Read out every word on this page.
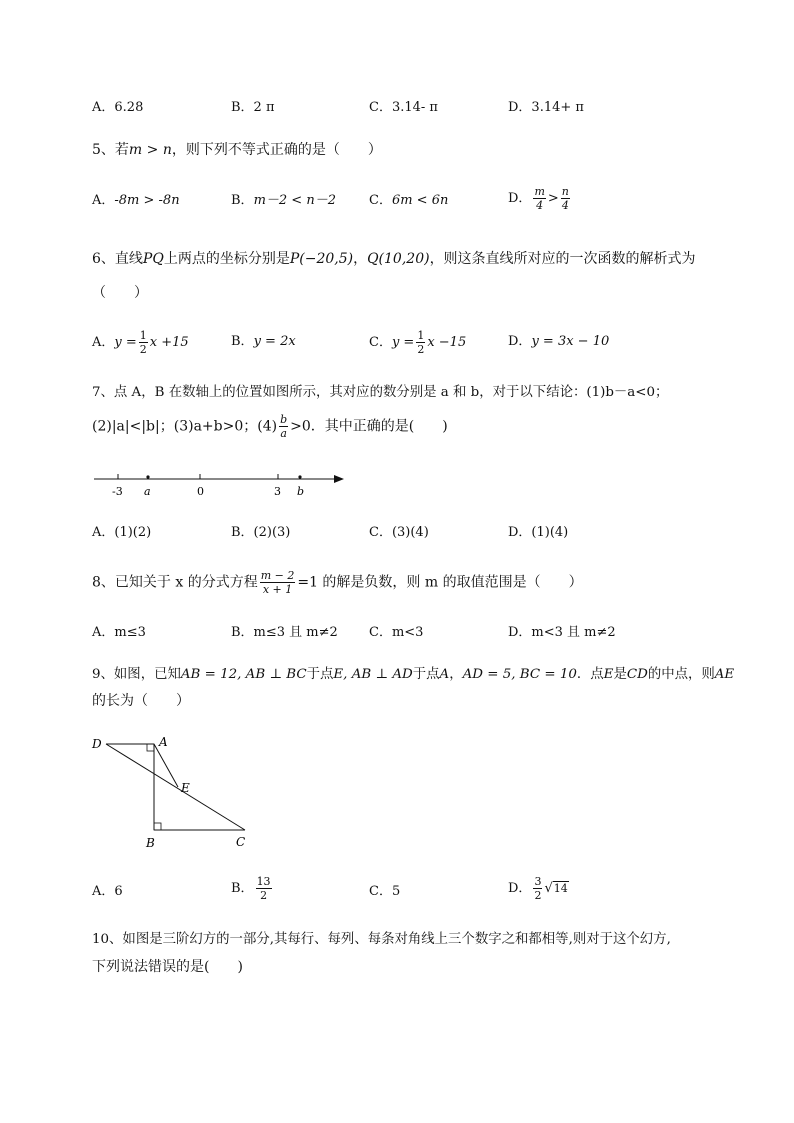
A．6.28	B．2 π	C．3.14- π	D．3.14+ π
5、若m > n，则下列不等式正确的是（　　）
A．-8m > -8n	B．m－2 < n－2	C．6m < 6n	D． $\frac{m}{4} > \frac{n}{4}$
6、直线PQ上两点的坐标分别是P(−20,5)，Q(10,20)，则这条直线所对应的一次函数的解析式为
（　　）
A．$y = \frac{1}{2}$ x +15	B．y = 2x	C．$y = \frac{1}{2}$ x −15	D．y = 3x − 10
7、点 A，B 在数轴上的位置如图所示，其对应的数分别是 a 和 b，对于以下结论：(1)b－a<0；
(2)|a|<|b|；(3)a+b>0；$(4) \frac{b}{a} >0$．其中正确的是(　　)
-3 a	0	3 b
A．(1)(2)	B．(2)(3)	C．(3)(4)	D．(1)(4)
8、已知关于 x 的分式方程 $\frac{m - 2}{x + 1} =1$ 的解是负数，则 m 的取值范围是（　　）
A．m≤3	B．m≤3 且 m≠2 C．m<3	D．m<3 且 m≠2
9、如图，已知AB = 12, AB ⊥ BC于点E, AB ⊥ AD于点A，AD = 5, BC = 10．点E是CD的中点，则AE
的长为（　　）
D	A
E
B	C
A．6	B． $\frac{13}{2}$	C．5	D． $\frac{3}{2} √14$
10、如图是三阶幻方的一部分,其每行、每列、每条对角线上三个数字之和都相等,则对于这个幻方,
下列说法错误的是(　　)
